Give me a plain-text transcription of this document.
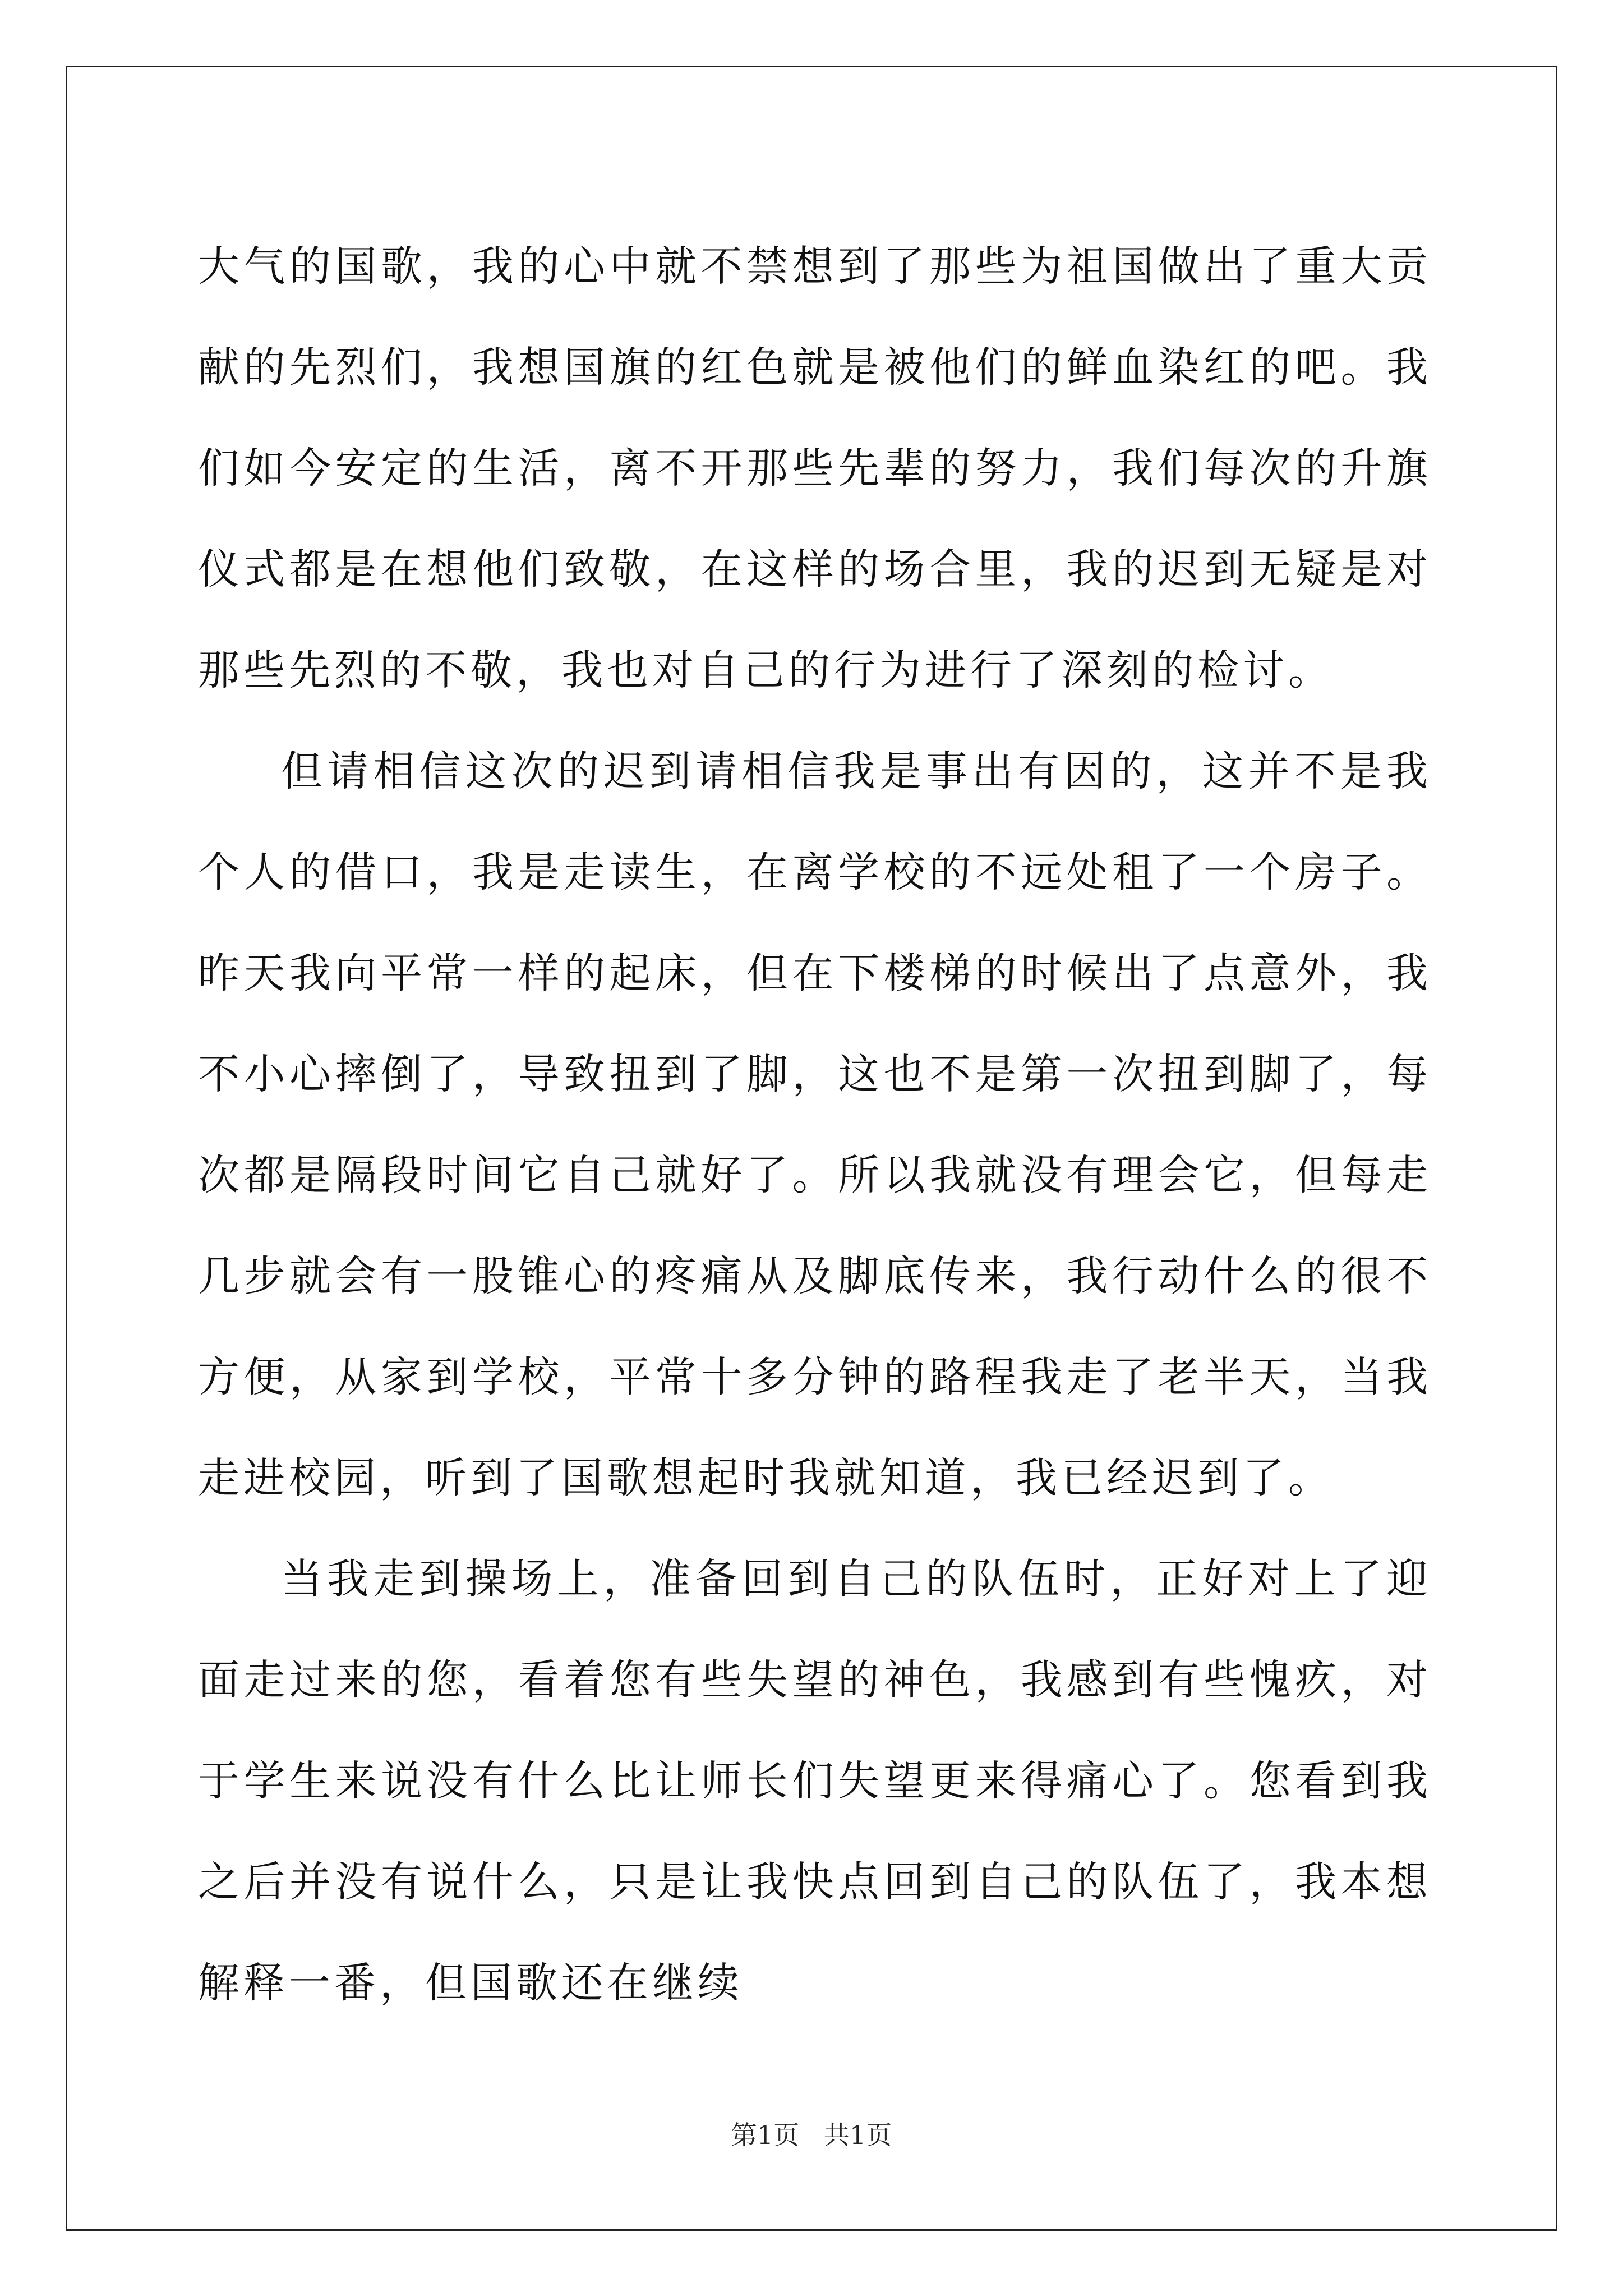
大气的国歌，我的心中就不禁想到了那些为祖国做出了重大贡献的先烈们，我想国旗的红色就是被他们的鲜血染红的吧。我们如今安定的生活，离不开那些先辈的努力，我们每次的升旗仪式都是在想他们致敬，在这样的场合里，我的迟到无疑是对那些先烈的不敬，我也对自己的行为进行了深刻的检讨。

但请相信这次的迟到请相信我是事出有因的，这并不是我个人的借口，我是走读生，在离学校的不远处租了一个房子。昨天我向平常一样的起床，但在下楼梯的时候出了点意外，我不小心摔倒了，导致扭到了脚，这也不是第一次扭到脚了，每次都是隔段时间它自己就好了。所以我就没有理会它，但每走几步就会有一股锥心的疼痛从及脚底传来，我行动什么的很不方便，从家到学校，平常十多分钟的路程我走了老半天，当我走进校园，听到了国歌想起时我就知道，我已经迟到了。

当我走到操场上，准备回到自己的队伍时，正好对上了迎面走过来的您，看着您有些失望的神色，我感到有些愧疚，对于学生来说没有什么比让师长们失望更来得痛心了。您看到我之后并没有说什么，只是让我快点回到自己的队伍了，我本想解释一番，但国歌还在继续

第1页   共1页
